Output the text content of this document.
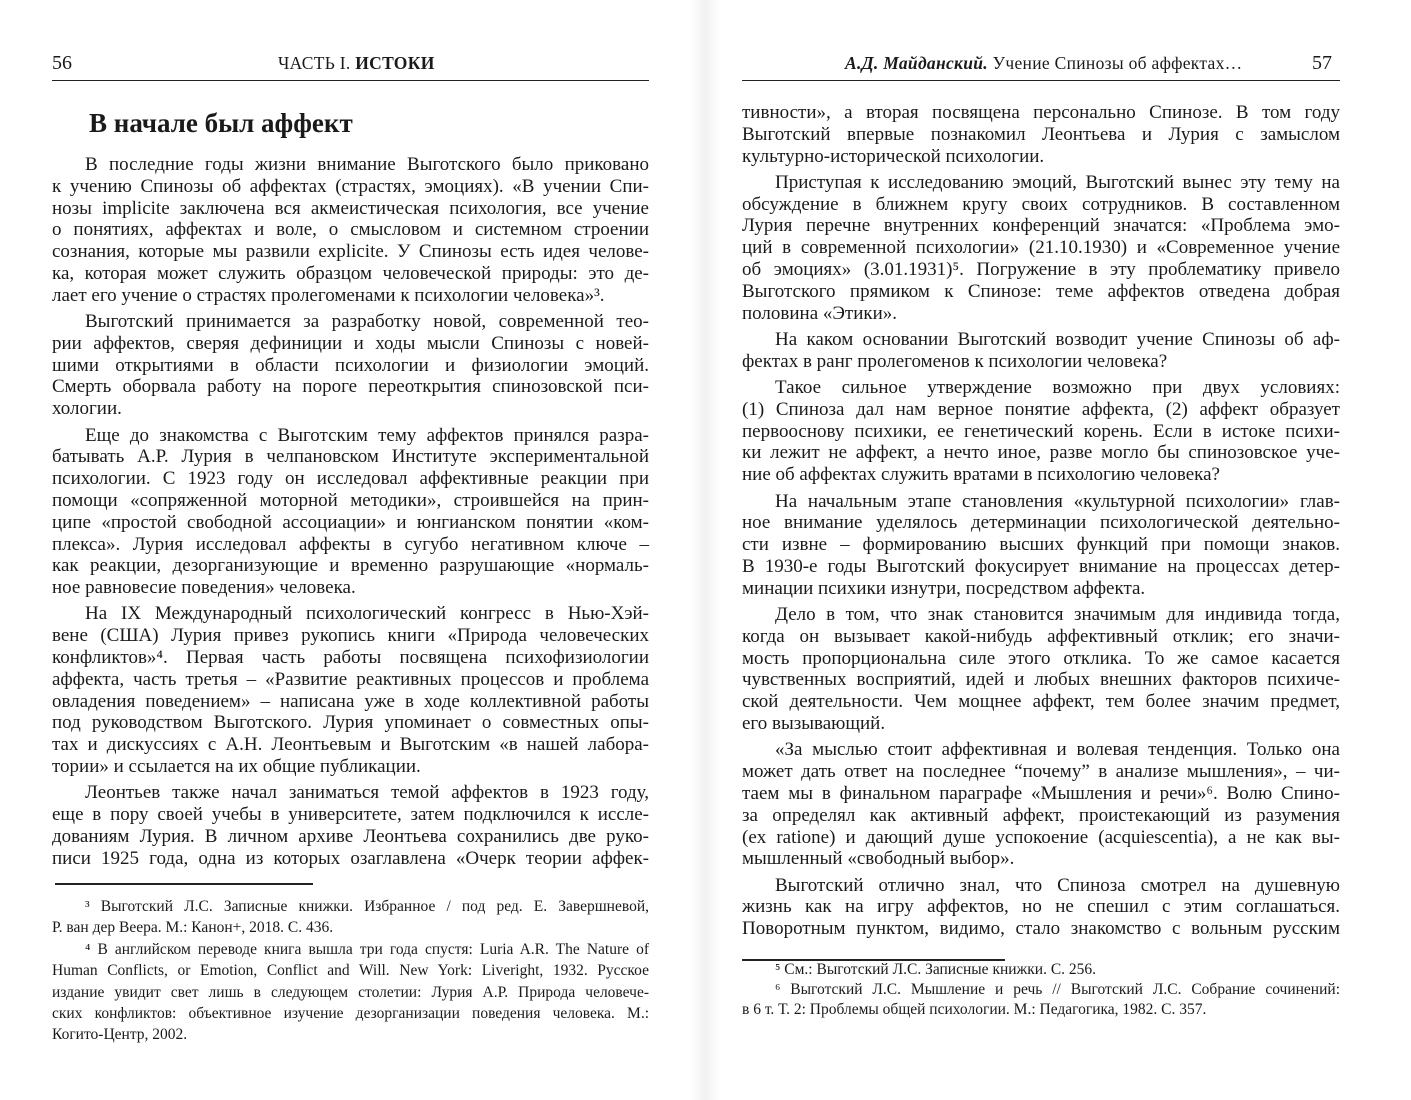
56	ЧАСТЬ I. ИСТОКИ
В начале был аффект
В последние годы жизни внимание Выготского было приковано
к учению Спинозы об аффектах (страстях, эмоциях). «В учении Спи-
нозы implicite заключена вся акмеистическая психология, все учение
о понятиях, аффектах и воле, о смысловом и системном строении
сознания, которые мы развили explicite. У Спинозы есть идея челове-
ка, которая может служить образцом человеческой природы: это де-
лает его учение о страстях пролегоменами к психологии человека»³.
Выготский принимается за разработку новой, современной тео-
рии аффектов, сверяя дефиниции и ходы мысли Спинозы с новей-
шими открытиями в области психологии и физиологии эмоций.
Смерть оборвала работу на пороге переоткрытия спинозовской пси-
хологии.
Еще до знакомства с Выготским тему аффектов принялся разра-
батывать А.Р. Лурия в челпановском Институте экспериментальной
психологии. С 1923 году он исследовал аффективные реакции при
помощи «сопряженной моторной методики», строившейся на прин-
ципе «простой свободной ассоциации» и юнгианском понятии «ком-
плекса». Лурия исследовал аффекты в сугубо негативном ключе –
как реакции, дезорганизующие и временно разрушающие «нормаль-
ное равновесие поведения» человека.
На IX Международный психологический конгресс в Нью-Хэй-
вене (США) Лурия привез рукопись книги «Природа человеческих
конфликтов»⁴. Первая часть работы посвящена психофизиологии
аффекта, часть третья – «Развитие реактивных процессов и проблема
овладения поведением» – написана уже в ходе коллективной работы
под руководством Выготского. Лурия упоминает о совместных опы-
тах и дискуссиях с А.Н. Леонтьевым и Выготским «в нашей лабора-
тории» и ссылается на их общие публикации.
Леонтьев также начал заниматься темой аффектов в 1923 году,
еще в пору своей учебы в университете, затем подключился к иссле-
дованиям Лурия. В личном архиве Леонтьева сохранились две руко-
писи 1925 года, одна из которых озаглавлена «Очерк теории аффек-
³ Выготский Л.С. Записные книжки. Избранное / под ред. Е. Завершневой,
Р. ван дер Веера. М.: Канон+, 2018. С. 436.
⁴ В английском переводе книга вышла три года спустя: Luria A.R. The Nature of
Human Conflicts, or Emotion, Conflict and Will. New York: Liveright, 1932. Русское
издание увидит свет лишь в следующем столетии: Лурия А.Р. Природа человече-
ских конфликтов: объективное изучение дезорганизации поведения человека. М.:
Когито-Центр, 2002.
А.Д. Майданский. Учение Спинозы об аффектах…	57
тивности», а вторая посвящена персонально Спинозе. В том году
Выготский впервые познакомил Леонтьева и Лурия с замыслом
культурно-исторической психологии.
Приступая к исследованию эмоций, Выготский вынес эту тему на
обсуждение в ближнем кругу своих сотрудников. В составленном
Лурия перечне внутренних конференций значатся: «Проблема эмо-
ций в современной психологии» (21.10.1930) и «Современное учение
об эмоциях» (3.01.1931)⁵. Погружение в эту проблематику привело
Выготского прямиком к Спинозе: теме аффектов отведена добрая
половина «Этики».
На каком основании Выготский возводит учение Спинозы об аф-
фектах в ранг пролегоменов к психологии человека?
Такое сильное утверждение возможно при двух условиях:
(1) Спиноза дал нам верное понятие аффекта, (2) аффект образует
первооснову психики, ее генетический корень. Если в истоке психи-
ки лежит не аффект, а нечто иное, разве могло бы спинозовское уче-
ние об аффектах служить вратами в психологию человека?
На начальным этапе становления «культурной психологии» глав-
ное внимание уделялось детерминации психологической деятельно-
сти извне – формированию высших функций при помощи знаков.
В 1930-е годы Выготский фокусирует внимание на процессах детер-
минации психики изнутри, посредством аффекта.
Дело в том, что знак становится значимым для индивида тогда,
когда он вызывает какой-нибудь аффективный отклик; его значи-
мость пропорциональна силе этого отклика. То же самое касается
чувственных восприятий, идей и любых внешних факторов психиче-
ской деятельности. Чем мощнее аффект, тем более значим предмет,
его вызывающий.
«За мыслью стоит аффективная и волевая тенденция. Только она
может дать ответ на последнее “почему” в анализе мышления», – чи-
таем мы в финальном параграфе «Мышления и речи»⁶. Волю Спино-
за определял как активный аффект, проистекающий из разумения
(ex ratione) и дающий душе успокоение (acquiescentia), а не как вы-
мышленный «свободный выбор».
Выготский отлично знал, что Спиноза смотрел на душевную
жизнь как на игру аффектов, но не спешил с этим соглашаться.
Поворотным пунктом, видимо, стало знакомство с вольным русским
⁵ См.: Выготский Л.С. Записные книжки. С. 256.
⁶ Выготский Л.С. Мышление и речь // Выготский Л.С. Собрание сочинений:
в 6 т. Т. 2: Проблемы общей психологии. М.: Педагогика, 1982. С. 357.
